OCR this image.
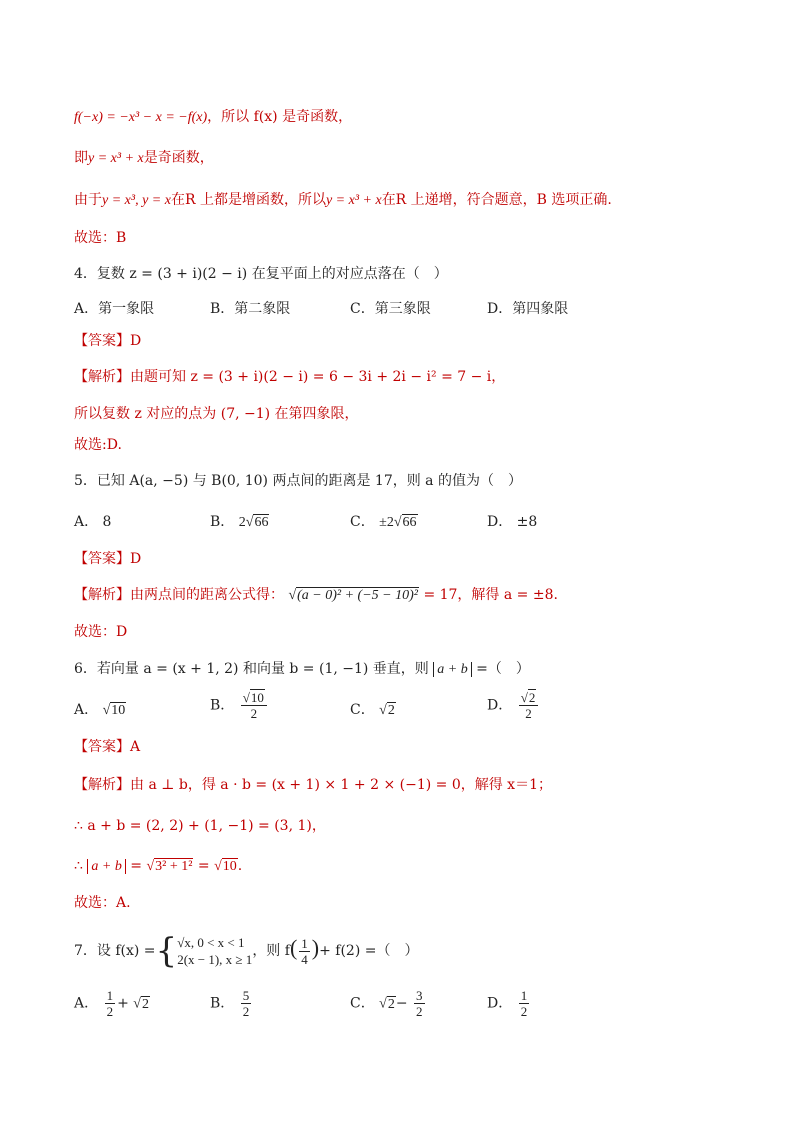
f(−x) = −x³ − x = −f(x)，所以 f(x) 是奇函数，
即y = x³ + x是奇函数，
由于y = x³, y = x在R 上都是增函数，所以y = x³ + x在R 上递增，符合题意，B 选项正确.
故选：B
4．复数 z = (3 + i)(2 − i) 在复平面上的对应点落在（　）
A．第一象限	B．第二象限	C．第三象限	D．第四象限
【答案】D
【解析】由题可知 z = (3 + i)(2 − i) = 6 − 3i + 2i − i² = 7 − i，
所以复数 z 对应的点为 (7, −1) 在第四象限，
故选:D.
5．已知 A(a, −5) 与 B(0, 10) 两点间的距离是 17，则 a 的值为（　）
A． 8	B． 2√66	C． ±2√66	D． ±8
【答案】D
【解析】由两点间的距离公式得： √(a − 0)² + (−5 − 10)² = 17，解得 a = ±8.
故选：D
6．若向量 a = (x + 1, 2) 和向量 b = (1, −1) 垂直，则 a + b =（　）
A． √10	B． $\frac{√10}{2}$	C． √2	D． $\frac{√2}{2}$
【答案】A
【解析】由 a ⊥ b，得 a · b = (x + 1) × 1 + 2 × (−1) = 0，解得 x＝1；
∴ a + b = (2, 2) + (1, −1) = (3, 1)，
∴ a + b = √3² + 1² = √10.
故选：A.
7．设 f(x) ={ √x, 0 < x < 1
2(x − 1), x ≥ 1
，则 $f( \frac{1}{4}$ )+ f(2) =（　）
A． $\frac{1}{2} + √2$	B． $\frac{5}{2}$	C． $√2- \frac{3}{2}$	D． $\frac{1}{2}$
